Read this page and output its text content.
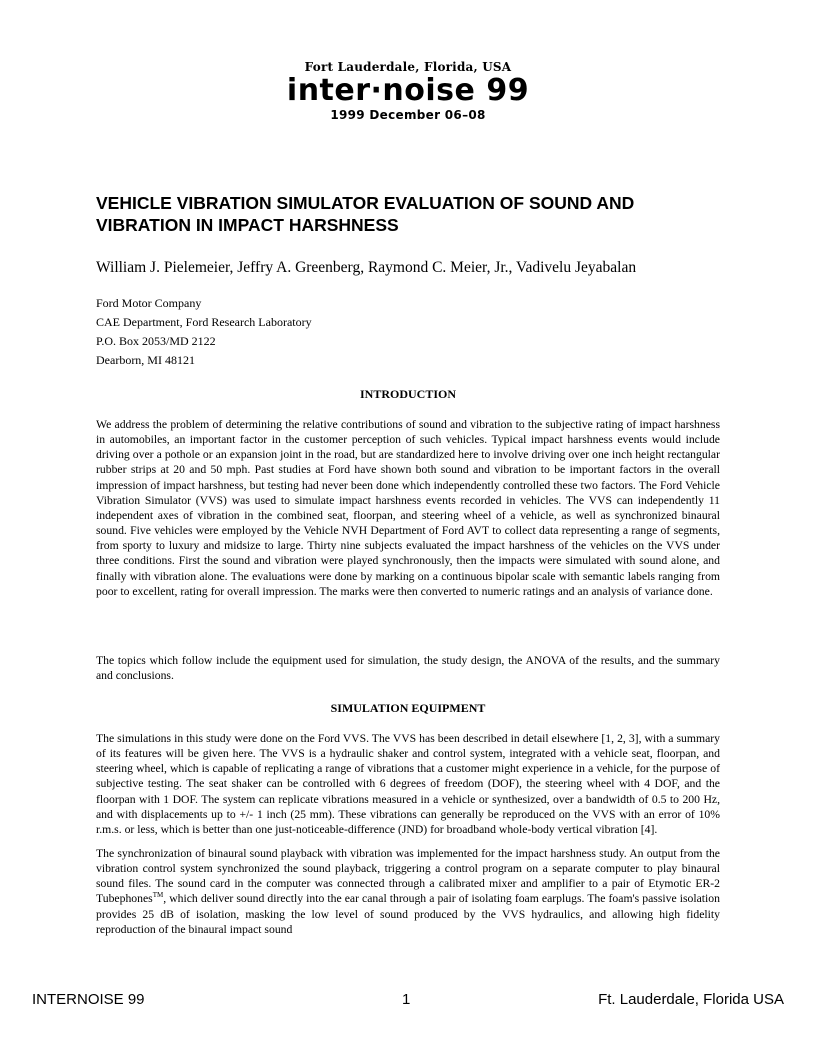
Fort Lauderdale, Florida, USA
inter·noise 99
1999 December 06–08
VEHICLE VIBRATION SIMULATOR EVALUATION OF SOUND AND
VIBRATION IN IMPACT HARSHNESS

William J. Pielemeier, Jeffry A. Greenberg, Raymond C. Meier, Jr., Vadivelu Jeyabalan

Ford Motor Company
CAE Department, Ford Research Laboratory
P.O. Box 2053/MD 2122
Dearborn, MI 48121
INTRODUCTION

We address the problem of determining the relative contributions of sound and vibration to the subjective rating of impact harshness in automobiles, an important factor in the customer perception of such vehicles. Typical impact harshness events would include driving over a pothole or an expansion joint in the road, but are standardized here to involve driving over one inch height rectangular rubber strips at 20 and 50 mph. Past studies at Ford have shown both sound and vibration to be important factors in the overall impression of impact harshness, but testing had never been done which independently controlled these two factors. The Ford Vehicle Vibration Simulator (VVS) was used to simulate impact harshness events recorded in vehicles. The VVS can independently 11 independent axes of vibration in the combined seat, floorpan, and steering wheel of a vehicle, as well as synchronized binaural sound. Five vehicles were employed by the Vehicle NVH Department of Ford AVT to collect data representing a range of segments, from sporty to luxury and midsize to large. Thirty nine subjects evaluated the impact harshness of the vehicles on the VVS under three conditions. First the sound and vibration were played synchronously, then the impacts were simulated with sound alone, and finally with vibration alone. The evaluations were done by marking on a continuous bipolar scale with semantic labels ranging from poor to excellent, rating for overall impression. The marks were then converted to numeric ratings and an analysis of variance done.

The topics which follow include the equipment used for simulation, the study design, the ANOVA of the results, and the summary and conclusions.

SIMULATION EQUIPMENT

The simulations in this study were done on the Ford VVS. The VVS has been described in detail elsewhere [1, 2, 3], with a summary of its features will be given here. The VVS is a hydraulic shaker and control system, integrated with a vehicle seat, floorpan, and steering wheel, which is capable of replicating a range of vibrations that a customer might experience in a vehicle, for the purpose of subjective testing. The seat shaker can be controlled with 6 degrees of freedom (DOF), the steering wheel with 4 DOF, and the floorpan with 1 DOF. The system can replicate vibrations measured in a vehicle or synthesized, over a bandwidth of 0.5 to 200 Hz, and with displacements up to +/- 1 inch (25 mm). These vibrations can generally be reproduced on the VVS with an error of 10% r.m.s. or less, which is better than one just-noticeable-difference (JND) for broadband whole-body vertical vibration [4].

The synchronization of binaural sound playback with vibration was implemented for the impact harshness study. An output from the vibration control system synchronized the sound playback, triggering a control program on a separate computer to play binaural sound files. The sound card in the computer was connected through a calibrated mixer and amplifier to a pair of Etymotic ER-2 Tubephones™, which deliver sound directly into the ear canal through a pair of isolating foam earplugs. The foam's passive isolation provides 25 dB of isolation, masking the low level of sound produced by the VVS hydraulics, and allowing high fidelity reproduction of the binaural impact sound

INTERNOISE 99	1	Ft. Lauderdale, Florida USA
